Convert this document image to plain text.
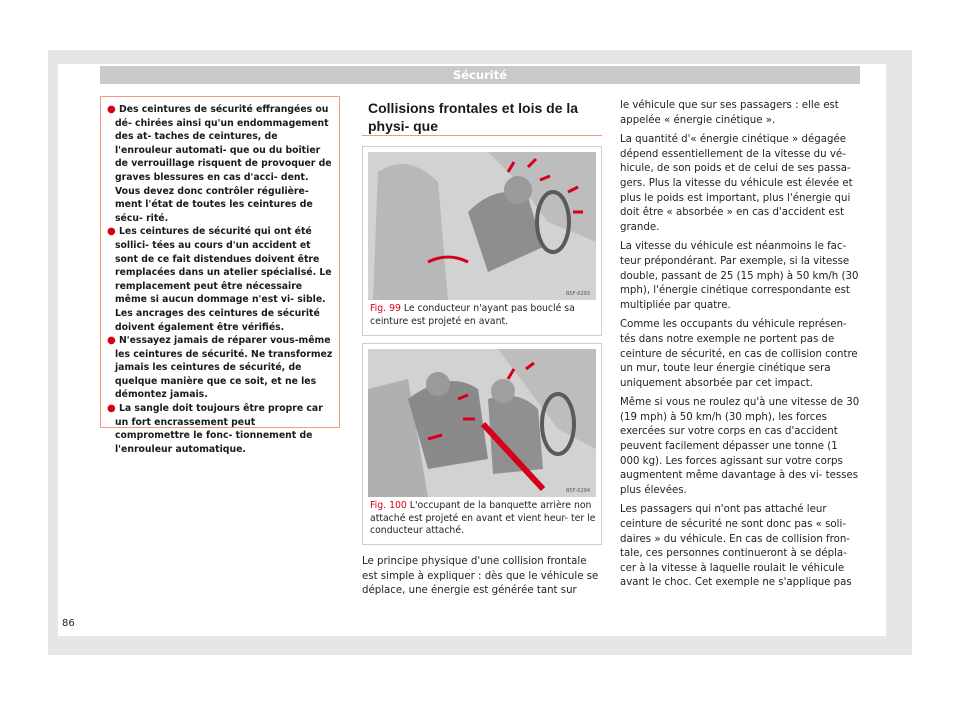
Sécurité

● Des ceintures de sécurité effrangées ou dé- chirées ainsi qu'un endommagement des at- taches de ceintures, de l'enrouleur automati- que ou du boîtier de verrouillage risquent de provoquer de graves blessures en cas d'acci- dent. Vous devez donc contrôler régulière- ment l'état de toutes les ceintures de sécu- rité.

● Les ceintures de sécurité qui ont été sollici- tées au cours d'un accident et sont de ce fait distendues doivent être remplacées dans un atelier spécialisé. Le remplacement peut être nécessaire même si aucun dommage n'est vi- sible. Les ancrages des ceintures de sécurité doivent également être vérifiés.

● N'essayez jamais de réparer vous-même les ceintures de sécurité. Ne transformez jamais les ceintures de sécurité, de quelque manière que ce soit, et ne les démontez jamais.

● La sangle doit toujours être propre car un fort encrassement peut compromettre le fonc- tionnement de l'enrouleur automatique.

Collisions frontales et lois de la physi- que
B5F-0293
Fig. 99 Le conducteur n'ayant pas bouclé sa ceinture est projeté en avant.
B5F-0294
Fig. 100 L'occupant de la banquette arrière non attaché est projeté en avant et vient heur- ter le conducteur attaché.

Le principe physique d'une collision frontale est simple à expliquer : dès que le véhicule se déplace, une énergie est générée tant sur

le véhicule que sur ses passagers : elle est appelée « énergie cinétique ».

La quantité d'« énergie cinétique » dégagée dépend essentiellement de la vitesse du vé- hicule, de son poids et de celui de ses passa- gers. Plus la vitesse du véhicule est élevée et plus le poids est important, plus l'énergie qui doit être « absorbée » en cas d'accident est grande.

La vitesse du véhicule est néanmoins le fac- teur prépondérant. Par exemple, si la vitesse double, passant de 25 (15 mph) à 50 km/h (30 mph), l'énergie cinétique correspondante est multipliée par quatre.

Comme les occupants du véhicule représen- tés dans notre exemple ne portent pas de ceinture de sécurité, en cas de collision contre un mur, toute leur énergie cinétique sera uniquement absorbée par cet impact.

Même si vous ne roulez qu'à une vitesse de 30 (19 mph) à 50 km/h (30 mph), les forces exercées sur votre corps en cas d'accident peuvent facilement dépasser une tonne (1 000 kg). Les forces agissant sur votre corps augmentent même davantage à des vi- tesses plus élevées.

Les passagers qui n'ont pas attaché leur ceinture de sécurité ne sont donc pas « soli- daires » du véhicule. En cas de collision fron- tale, ces personnes continueront à se dépla- cer à la vitesse à laquelle roulait le véhicule avant le choc. Cet exemple ne s'applique pas

86
